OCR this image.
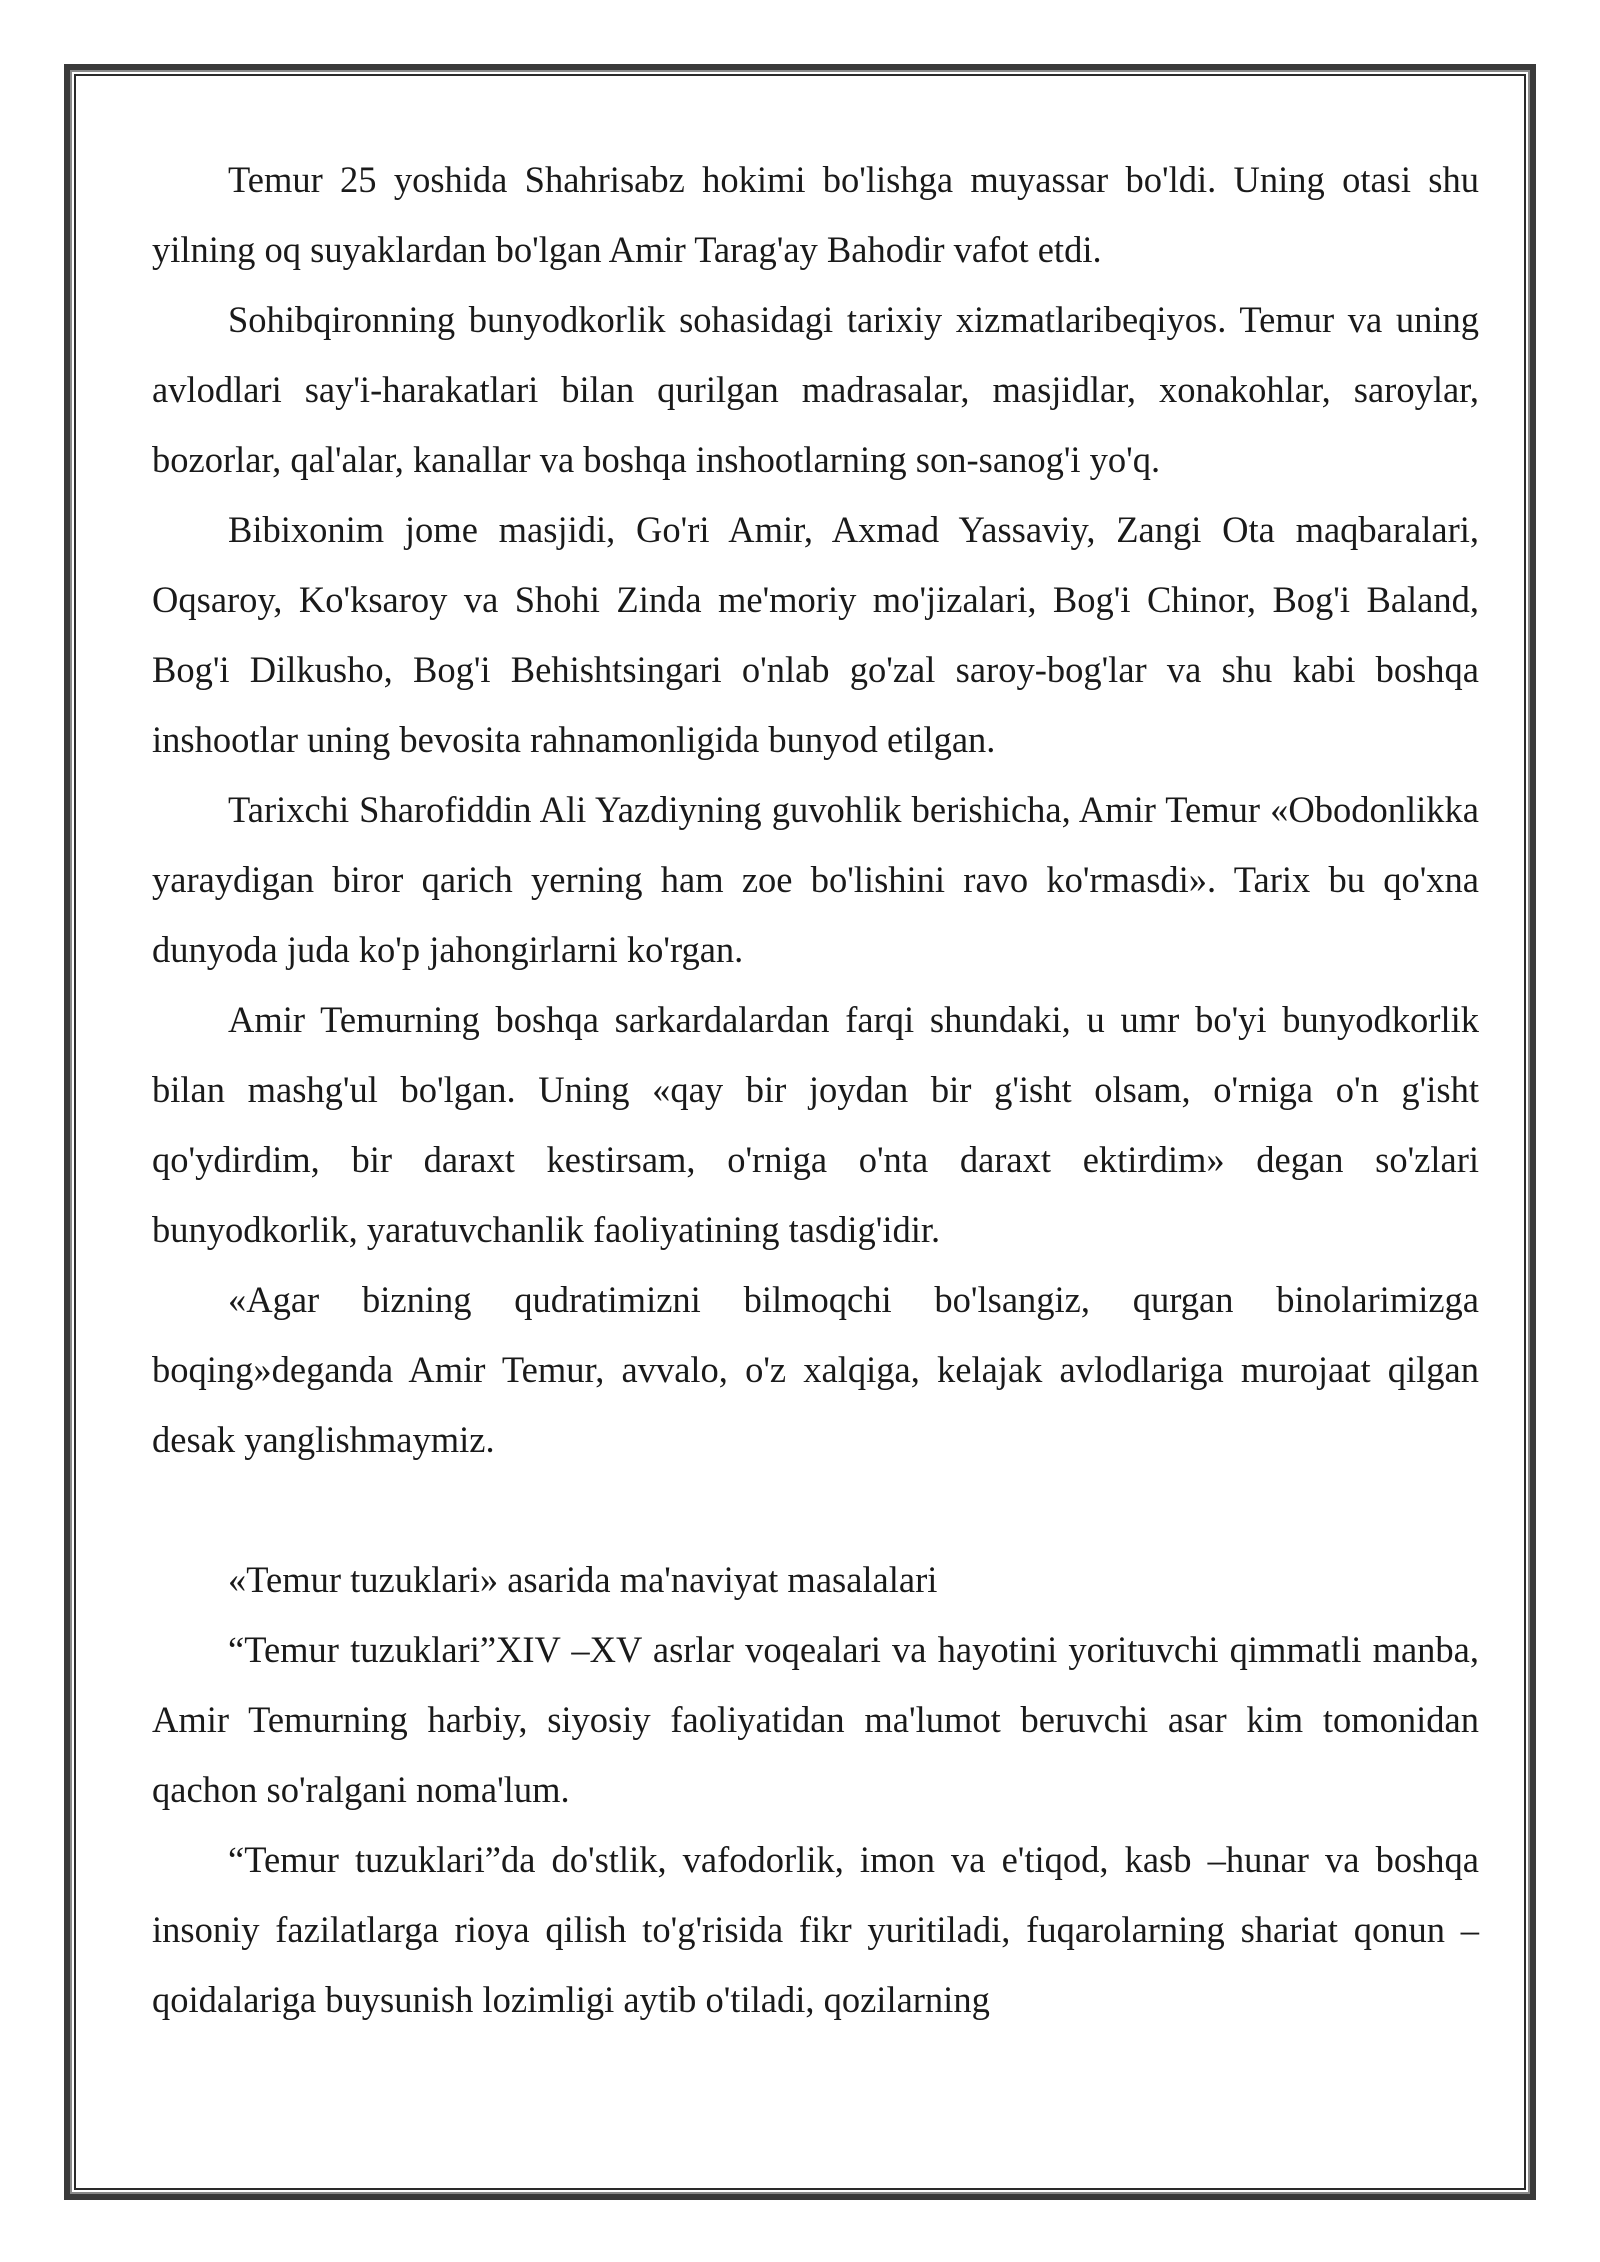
Temur 25 yoshida Shahrisabz hokimi bo'lishga muyassar bo'ldi. Uning otasi shu yilning oq suyaklardan bo'lgan Amir Tarag'ay Bahodir vafot etdi.

Sohibqironning bunyodkorlik sohasidagi tarixiy xizmatlaribeqiyos. Temur va uning avlodlari say'i-harakatlari bilan qurilgan madrasalar, masjidlar, xonakohlar, saroylar, bozorlar, qal'alar, kanallar va boshqa inshootlarning son-sanog'i yo'q.

Bibixonim jome masjidi, Go'ri Amir, Axmad Yassaviy, Zangi Ota maqbaralari, Oqsaroy, Ko'ksaroy va Shohi Zinda me'moriy mo'jizalari, Bog'i Chinor, Bog'i Baland, Bog'i Dilkusho, Bog'i Behishtsingari o'nlab go'zal saroy-bog'lar va shu kabi boshqa inshootlar uning bevosita rahnamonligida bunyod etilgan.

Tarixchi Sharofiddin Ali Yazdiyning guvohlik berishicha, Amir Temur «Obodonlikka yaraydigan biror qarich yerning ham zoe bo'lishini ravo ko'rmasdi». Tarix bu qo'xna dunyoda juda ko'p jahongirlarni ko'rgan.

Amir Temurning boshqa sarkardalardan farqi shundaki, u umr bo'yi bunyodkorlik bilan mashg'ul bo'lgan. Uning «qay bir joydan bir g'isht olsam, o'rniga o'n g'isht qo'ydirdim, bir daraxt kestirsam, o'rniga o'nta daraxt ektirdim» degan so'zlari bunyodkorlik, yaratuvchanlik faoliyatining tasdig'idir.

«Agar bizning qudratimizni bilmoqchi bo'lsangiz, qurgan binolarimizga boqing»deganda Amir Temur, avvalo, o'z xalqiga, kelajak avlodlariga murojaat qilgan desak yanglishmaymiz.

«Temur tuzuklari» asarida ma'naviyat masalalari

“Temur tuzuklari”XIV –XV asrlar voqealari va hayotini yorituvchi qimmatli manba, Amir Temurning harbiy, siyosiy faoliyatidan ma'lumot beruvchi asar kim tomonidan qachon so'ralgani noma'lum.

“Temur tuzuklari”da do'stlik, vafodorlik, imon va e'tiqod, kasb –hunar va boshqa insoniy fazilatlarga rioya qilish to'g'risida fikr yuritiladi, fuqarolarning shariat qonun –qoidalariga buysunish lozimligi aytib o'tiladi, qozilarning
